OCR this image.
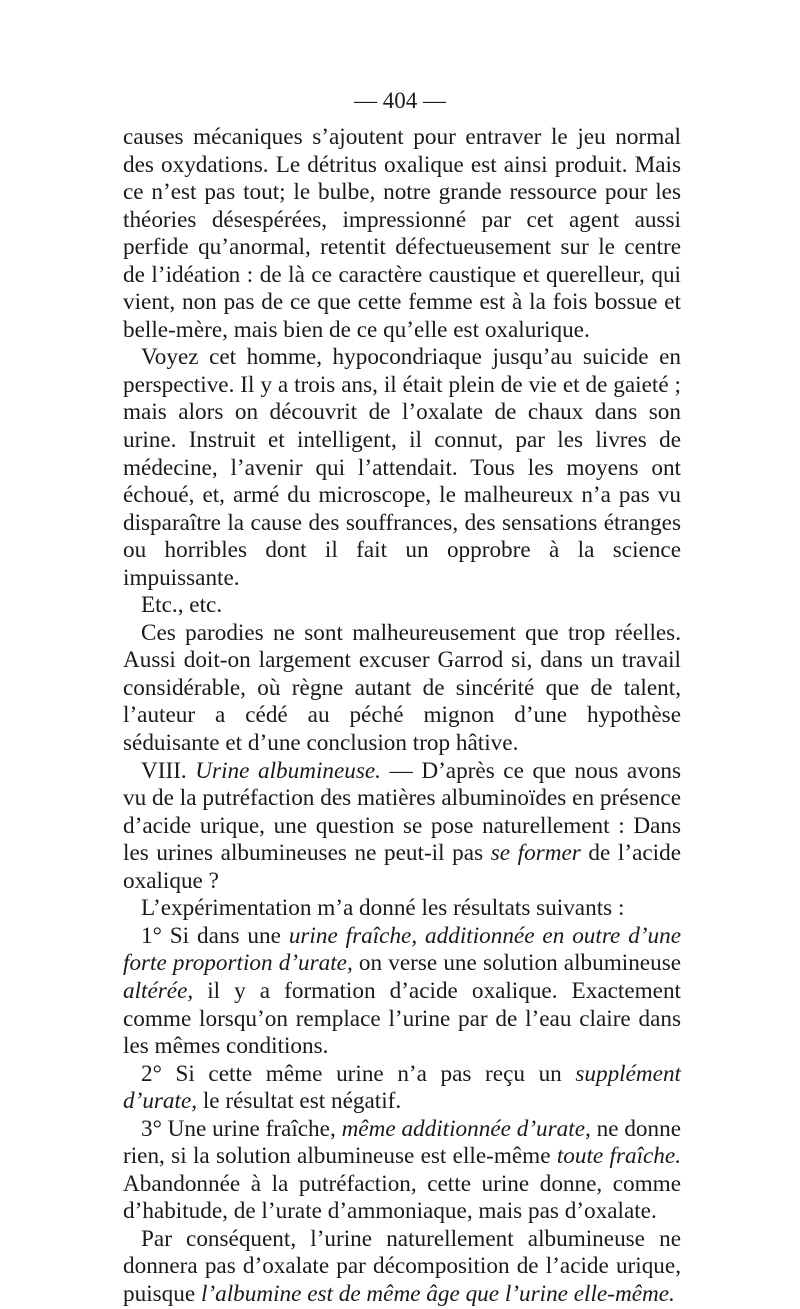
— 404 —

causes mécaniques s’ajoutent pour entraver le jeu normal des oxydations. Le détritus oxalique est ainsi produit. Mais ce n’est pas tout; le bulbe, notre grande ressource pour les théories désespérées, impressionné par cet agent aussi perfide qu’anormal, retentit défectueusement sur le centre de l’idéation : de là ce caractère caustique et querelleur, qui vient, non pas de ce que cette femme est à la fois bossue et belle-mère, mais bien de ce qu’elle est oxalurique.

Voyez cet homme, hypocondriaque jusqu’au suicide en perspective. Il y a trois ans, il était plein de vie et de gaieté ; mais alors on découvrit de l’oxalate de chaux dans son urine. Instruit et intelligent, il connut, par les livres de médecine, l’avenir qui l’attendait. Tous les moyens ont échoué, et, armé du microscope, le malheureux n’a pas vu disparaître la cause des souffrances, des sensations étranges ou horribles dont il fait un opprobre à la science impuissante.

Etc., etc.

Ces parodies ne sont malheureusement que trop réelles. Aussi doit-on largement excuser Garrod si, dans un travail considérable, où règne autant de sincérité que de talent, l’auteur a cédé au péché mignon d’une hypothèse séduisante et d’une conclusion trop hâtive.

VIII. Urine albumineuse. — D’après ce que nous avons vu de la putréfaction des matières albuminoïdes en présence d’acide urique, une question se pose naturellement : Dans les urines albumineuses ne peut-il pas se former de l’acide oxalique ?

L’expérimentation m’a donné les résultats suivants :

1° Si dans une urine fraîche, additionnée en outre d’une forte proportion d’urate, on verse une solution albumineuse altérée, il y a formation d’acide oxalique. Exactement comme lorsqu’on remplace l’urine par de l’eau claire dans les mêmes conditions.

2° Si cette même urine n’a pas reçu un supplément d’urate, le résultat est négatif.

3° Une urine fraîche, même additionnée d’urate, ne donne rien, si la solution albumineuse est elle-même toute fraîche. Abandonnée à la putréfaction, cette urine donne, comme d’habitude, de l’urate d’ammoniaque, mais pas d’oxalate.

Par conséquent, l’urine naturellement albumineuse ne donnera pas d’oxalate par décomposition de l’acide urique, puisque l’albumine est de même âge que l’urine elle-même.
